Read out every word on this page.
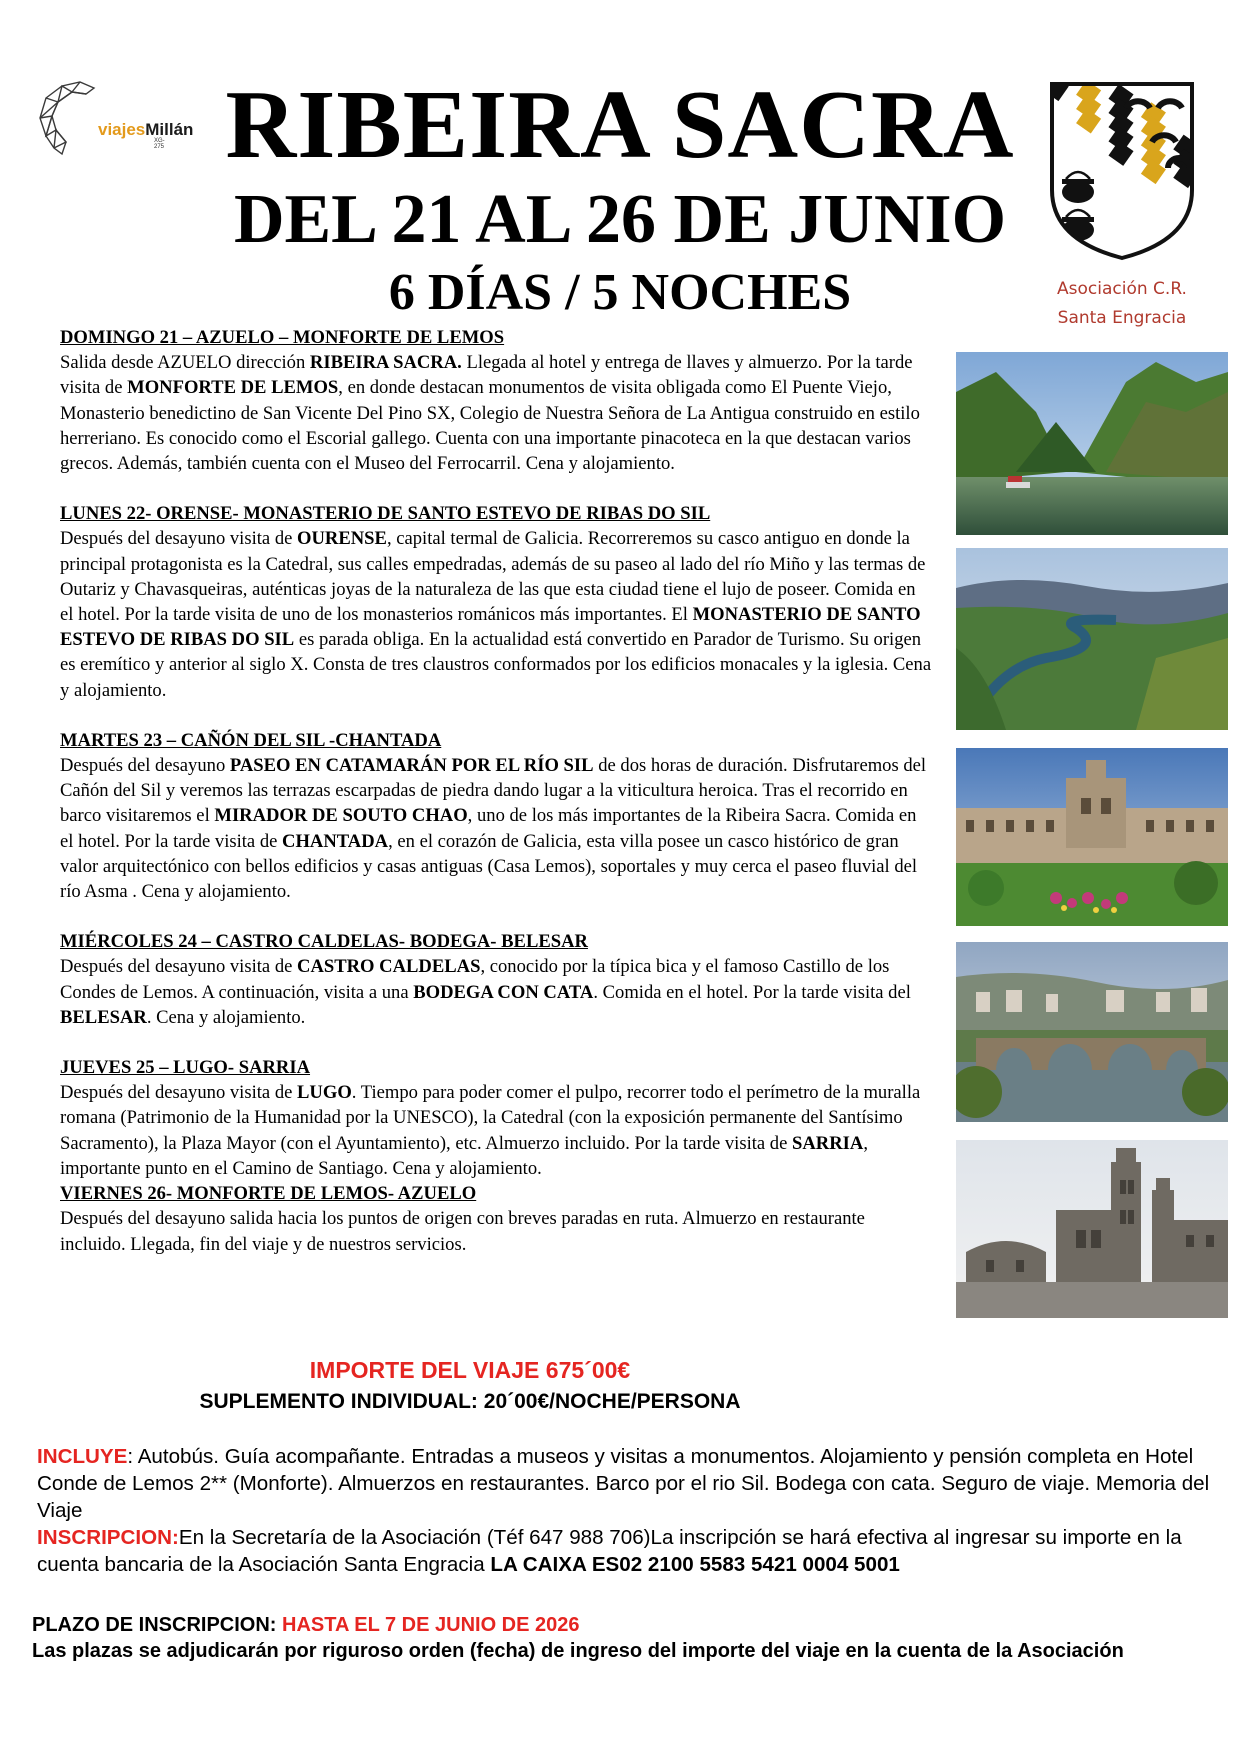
viajesMillán
XG-275 RIBEIRA SACRA
DEL 21 AL 26 DE JUNIO
6 DÍAS / 5 NOCHES	Asociación C.R.
Santa Engracia
DOMINGO 21 – AZUELO – MONFORTE DE LEMOS

Salida desde AZUELO dirección RIBEIRA SACRA. Llegada al hotel y entrega de llaves y almuerzo. Por la tarde visita de MONFORTE DE LEMOS, en donde destacan monumentos de visita obligada como El Puente Viejo, Monasterio benedictino de San Vicente Del Pino SX, Colegio de Nuestra Señora de La Antigua construido en estilo herreriano. Es conocido como el Escorial gallego. Cuenta con una importante pinacoteca en la que destacan varios grecos. Además, también cuenta con el Museo del Ferrocarril. Cena y alojamiento.

LUNES 22- ORENSE- MONASTERIO DE SANTO ESTEVO DE RIBAS DO SIL

Después del desayuno visita de OURENSE, capital termal de Galicia. Recorreremos su casco antiguo en donde la principal protagonista es la Catedral, sus calles empedradas, además de su paseo al lado del río Miño y las termas de Outariz y Chavasqueiras, auténticas joyas de la naturaleza de las que esta ciudad tiene el lujo de poseer. Comida en el hotel. Por la tarde visita de uno de los monasterios románicos más importantes. El MONASTERIO DE SANTO ESTEVO DE RIBAS DO SIL es parada obliga. En la actualidad está convertido en Parador de Turismo. Su origen es eremítico y anterior al siglo X. Consta de tres claustros conformados por los edificios monacales y la iglesia. Cena y alojamiento.

MARTES 23 – CAÑÓN DEL SIL -CHANTADA

Después del desayuno PASEO EN CATAMARÁN POR EL RÍO SIL de dos horas de duración. Disfrutaremos del Cañón del Sil y veremos las terrazas escarpadas de piedra dando lugar a la viticultura heroica. Tras el recorrido en barco visitaremos el MIRADOR DE SOUTO CHAO, uno de los más importantes de la Ribeira Sacra. Comida en el hotel. Por la tarde visita de CHANTADA, en el corazón de Galicia, esta villa posee un casco histórico de gran valor arquitectónico con bellos edificios y casas antiguas (Casa Lemos), soportales y muy cerca el paseo fluvial del río Asma . Cena y alojamiento.

MIÉRCOLES 24 – CASTRO CALDELAS- BODEGA- BELESAR

Después del desayuno visita de CASTRO CALDELAS, conocido por la típica bica y el famoso Castillo de los Condes de Lemos. A continuación, visita a una BODEGA CON CATA. Comida en el hotel. Por la tarde visita del BELESAR. Cena y alojamiento.

JUEVES 25 – LUGO- SARRIA

Después del desayuno visita de LUGO. Tiempo para poder comer el pulpo, recorrer todo el perímetro de la muralla romana (Patrimonio de la Humanidad por la UNESCO), la Catedral (con la exposición permanente del Santísimo Sacramento), la Plaza Mayor (con el Ayuntamiento), etc. Almuerzo incluido. Por la tarde visita de SARRIA, importante punto en el Camino de Santiago. Cena y alojamiento.

VIERNES 26- MONFORTE DE LEMOS- AZUELO

Después del desayuno salida hacia los puntos de origen con breves paradas en ruta. Almuerzo en restaurante incluido. Llegada, fin del viaje y de nuestros servicios.

IMPORTE DEL VIAJE 675´00€

SUPLEMENTO INDIVIDUAL: 20´00€/NOCHE/PERSONA

INCLUYE: Autobús. Guía acompañante. Entradas a museos y visitas a monumentos. Alojamiento y pensión completa en Hotel Conde de Lemos 2** (Monforte). Almuerzos en restaurantes. Barco por el rio Sil. Bodega con cata. Seguro de viaje. Memoria del Viaje

INSCRIPCION:En la Secretaría de la Asociación (Téf 647 988 706)La inscripción se hará efectiva al ingresar su importe en la cuenta bancaria de la Asociación Santa Engracia LA CAIXA ES02 2100 5583 5421 0004 5001

PLAZO DE INSCRIPCION: HASTA EL 7 DE JUNIO DE 2026

Las plazas se adjudicarán por riguroso orden (fecha) de ingreso del importe del viaje en la cuenta de la Asociación
